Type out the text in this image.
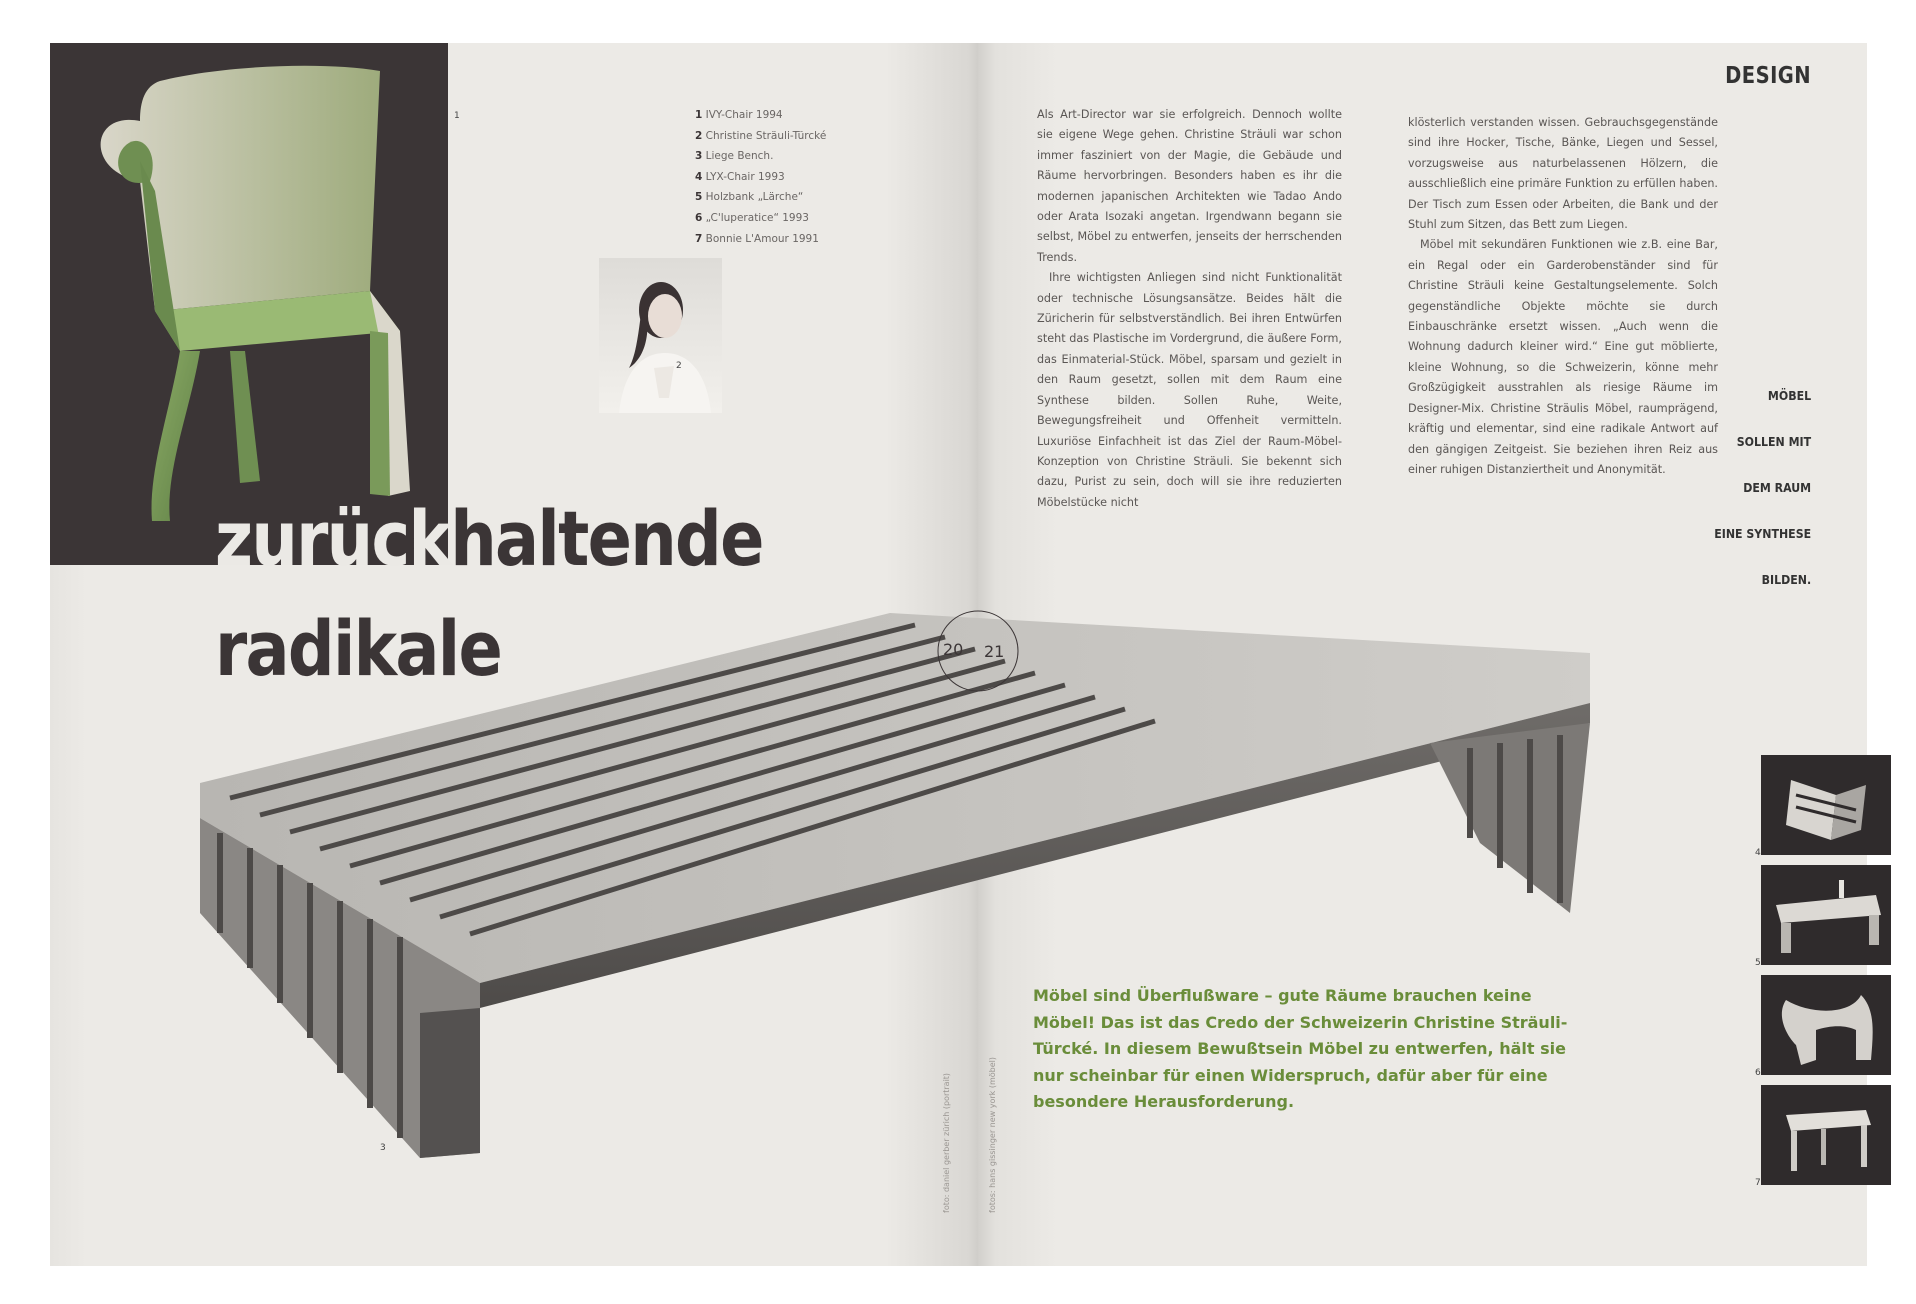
1
2
1 IVY-Chair 1994
2 Christine Sträuli-Türcké
3 Liege Bench.
4 LYX-Chair 1993
5 Holzbank „Lärche“
6 „C'luperatice“ 1993
7 Bonnie L'Amour 1991
zurückhaltende
radikale
3	foto: daniel gerber zürich (portrait)	fotos: hans gissinger new york (möbel)

Als Art-Director war sie erfolgreich. Dennoch wollte sie eigene Wege gehen. Christine Sträuli war schon immer fasziniert von der Magie, die Gebäude und Räume hervorbringen. Besonders haben es ihr die modernen japanischen Architekten wie Tadao Ando oder Arata Isozaki angetan. Irgendwann begann sie selbst, Möbel zu entwerfen, jenseits der herrschenden Trends.

Ihre wichtigsten Anliegen sind nicht Funktionalität oder technische Lösungsansätze. Beides hält die Züricherin für selbstverständlich. Bei ihren Entwürfen steht das Plastische im Vordergrund, die äußere Form, das Einmaterial-Stück. Möbel, sparsam und gezielt in den Raum gesetzt, sollen mit dem Raum eine Synthese bilden. Sollen Ruhe, Weite, Bewegungsfreiheit und Offenheit vermitteln. Luxuriöse Einfachheit ist das Ziel der Raum-Möbel-Konzeption von Christine Sträuli. Sie bekennt sich dazu, Purist zu sein, doch will sie ihre reduzierten Möbelstücke nicht

klösterlich verstanden wissen. Gebrauchsgegenstände sind ihre Hocker, Tische, Bänke, Liegen und Sessel, vorzugsweise aus naturbelassenen Hölzern, die ausschließlich eine primäre Funktion zu erfüllen haben. Der Tisch zum Essen oder Arbeiten, die Bank und der Stuhl zum Sitzen, das Bett zum Liegen.

Möbel mit sekundären Funktionen wie z.B. eine Bar, ein Regal oder ein Garderobenständer sind für Christine Sträuli keine Gestaltungselemente. Solch gegenständliche Objekte möchte sie durch Einbauschränke ersetzt wissen. „Auch wenn die Wohnung dadurch kleiner wird.“ Eine gut möblierte, kleine Wohnung, so die Schweizerin, könne mehr Großzügigkeit ausstrahlen als riesige Räume im Designer-Mix. Christine Sträulis Möbel, raumprägend, kräftig und elementar, sind eine radikale Antwort auf den gängigen Zeitgeist. Sie beziehen ihren Reiz aus einer ruhigen Distanziertheit und Anonymität.

DESIGN
MÖBEL
SOLLEN MIT
DEM RAUM
EINE SYNTHESE
BILDEN.
20 21
Möbel sind Überflußware – gute Räume brauchen keine Möbel! Das ist das Credo der Schweizerin Christine Sträuli-Türcké. In diesem Bewußtsein Möbel zu entwerfen, hält sie nur scheinbar für einen Widerspruch, dafür aber für eine besondere Herausforderung.
4
5
6
7
